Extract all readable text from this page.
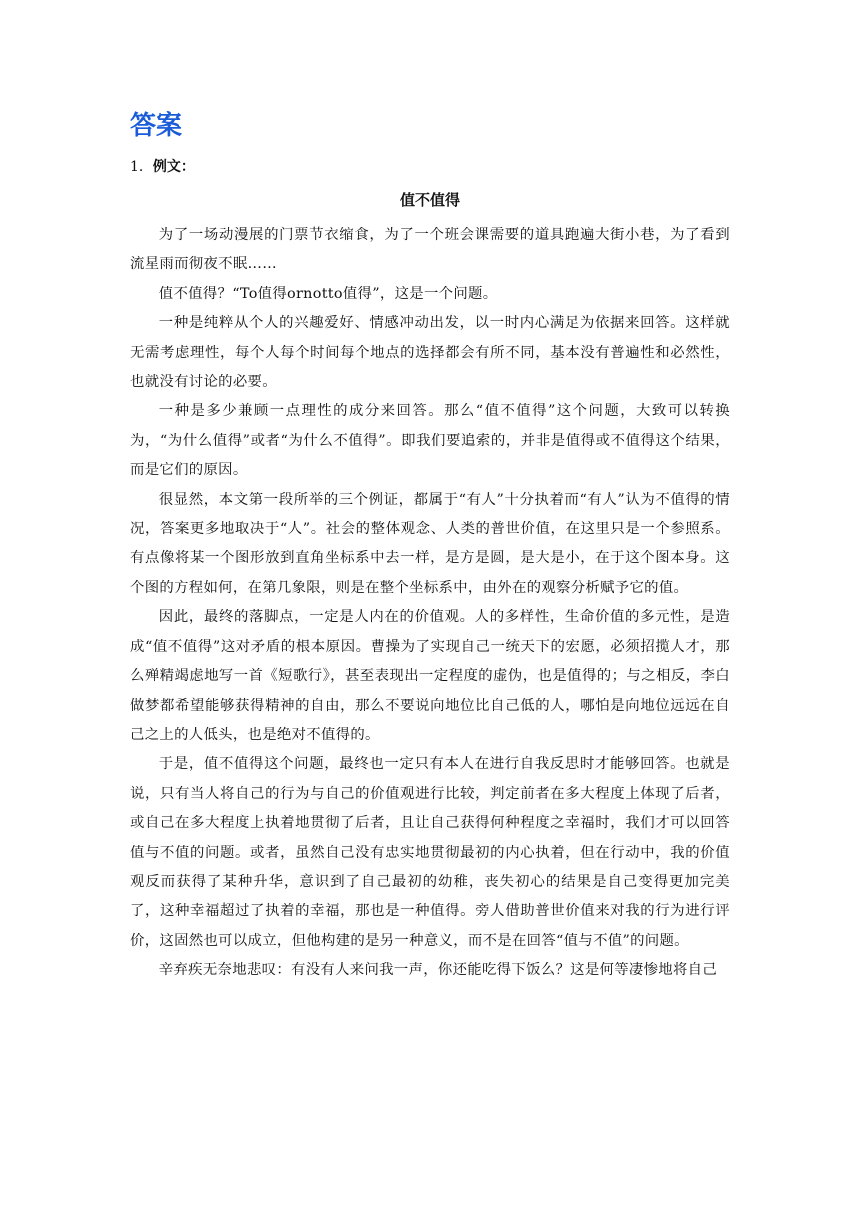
答案
1．例文：
值不值得

为了一场动漫展的门票节衣缩食，为了一个班会课需要的道具跑遍大街小巷，为了看到流星雨而彻夜不眠……

值不值得？“To值得ornotto值得”，这是一个问题。

一种是纯粹从个人的兴趣爱好、情感冲动出发，以一时内心满足为依据来回答。这样就无需考虑理性，每个人每个时间每个地点的选择都会有所不同，基本没有普遍性和必然性，也就没有讨论的必要。

一种是多少兼顾一点理性的成分来回答。那么“值不值得”这个问题，大致可以转换为，“为什么值得”或者“为什么不值得”。即我们要追索的，并非是值得或不值得这个结果，而是它们的原因。

很显然，本文第一段所举的三个例证，都属于“有人”十分执着而“有人”认为不值得的情况，答案更多地取决于“人”。社会的整体观念、人类的普世价值，在这里只是一个参照系。有点像将某一个图形放到直角坐标系中去一样，是方是圆，是大是小，在于这个图本身。这个图的方程如何，在第几象限，则是在整个坐标系中，由外在的观察分析赋予它的值。

因此，最终的落脚点，一定是人内在的价值观。人的多样性，生命价值的多元性，是造成“值不值得”这对矛盾的根本原因。曹操为了实现自己一统天下的宏愿，必须招揽人才，那么殚精竭虑地写一首《短歌行》，甚至表现出一定程度的虚伪，也是值得的；与之相反，李白做梦都希望能够获得精神的自由，那么不要说向地位比自己低的人，哪怕是向地位远远在自己之上的人低头，也是绝对不值得的。

于是，值不值得这个问题，最终也一定只有本人在进行自我反思时才能够回答。也就是说，只有当人将自己的行为与自己的价值观进行比较，判定前者在多大程度上体现了后者，或自己在多大程度上执着地贯彻了后者，且让自己获得何种程度之幸福时，我们才可以回答值与不值的问题。或者，虽然自己没有忠实地贯彻最初的内心执着，但在行动中，我的价值观反而获得了某种升华，意识到了自己最初的幼稚，丧失初心的结果是自己变得更加完美了，这种幸福超过了执着的幸福，那也是一种值得。旁人借助普世价值来对我的行为进行评价，这固然也可以成立，但他构建的是另一种意义，而不是在回答“值与不值”的问题。

辛弃疾无奈地悲叹：有没有人来问我一声，你还能吃得下饭么？这是何等凄惨地将自己
